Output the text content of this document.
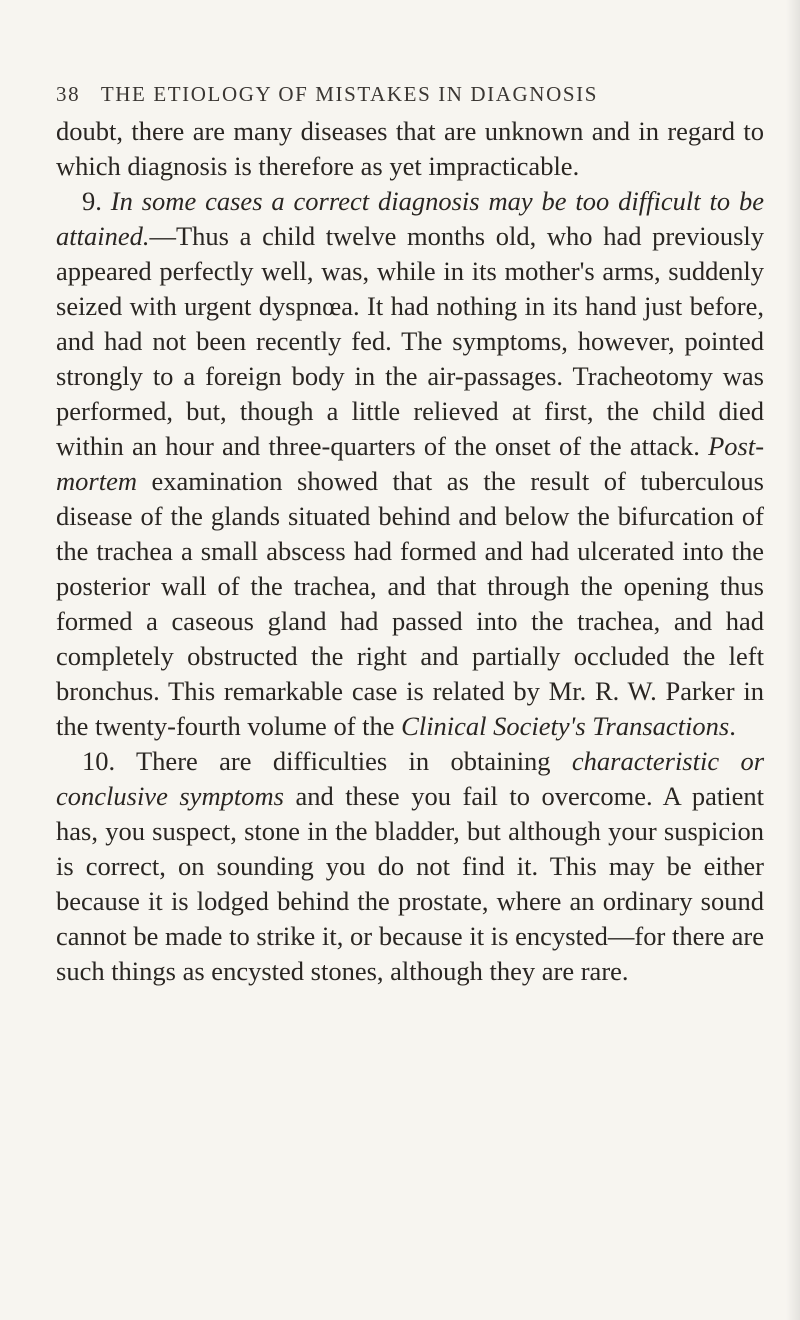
38 THE ETIOLOGY OF MISTAKES IN DIAGNOSIS

doubt, there are many diseases that are unknown and in regard to which diagnosis is therefore as yet impracticable.

9. In some cases a correct diagnosis may be too difficult to be attained.—Thus a child twelve months old, who had previously appeared perfectly well, was, while in its mother's arms, suddenly seized with urgent dyspnœa. It had nothing in its hand just before, and had not been recently fed. The symptoms, however, pointed strongly to a foreign body in the air-passages. Tracheotomy was performed, but, though a little relieved at first, the child died within an hour and three-quarters of the onset of the attack. Post-mortem examination showed that as the result of tuberculous disease of the glands situated behind and below the bifurcation of the trachea a small abscess had formed and had ulcerated into the posterior wall of the trachea, and that through the opening thus formed a caseous gland had passed into the trachea, and had completely obstructed the right and partially occluded the left bronchus. This remarkable case is related by Mr. R. W. Parker in the twenty-fourth volume of the Clinical Society's Transactions.

10. There are difficulties in obtaining characteristic or conclusive symptoms and these you fail to overcome. A patient has, you suspect, stone in the bladder, but although your suspicion is correct, on sounding you do not find it. This may be either because it is lodged behind the prostate, where an ordinary sound cannot be made to strike it, or because it is encysted—for there are such things as encysted stones, although they are rare.
